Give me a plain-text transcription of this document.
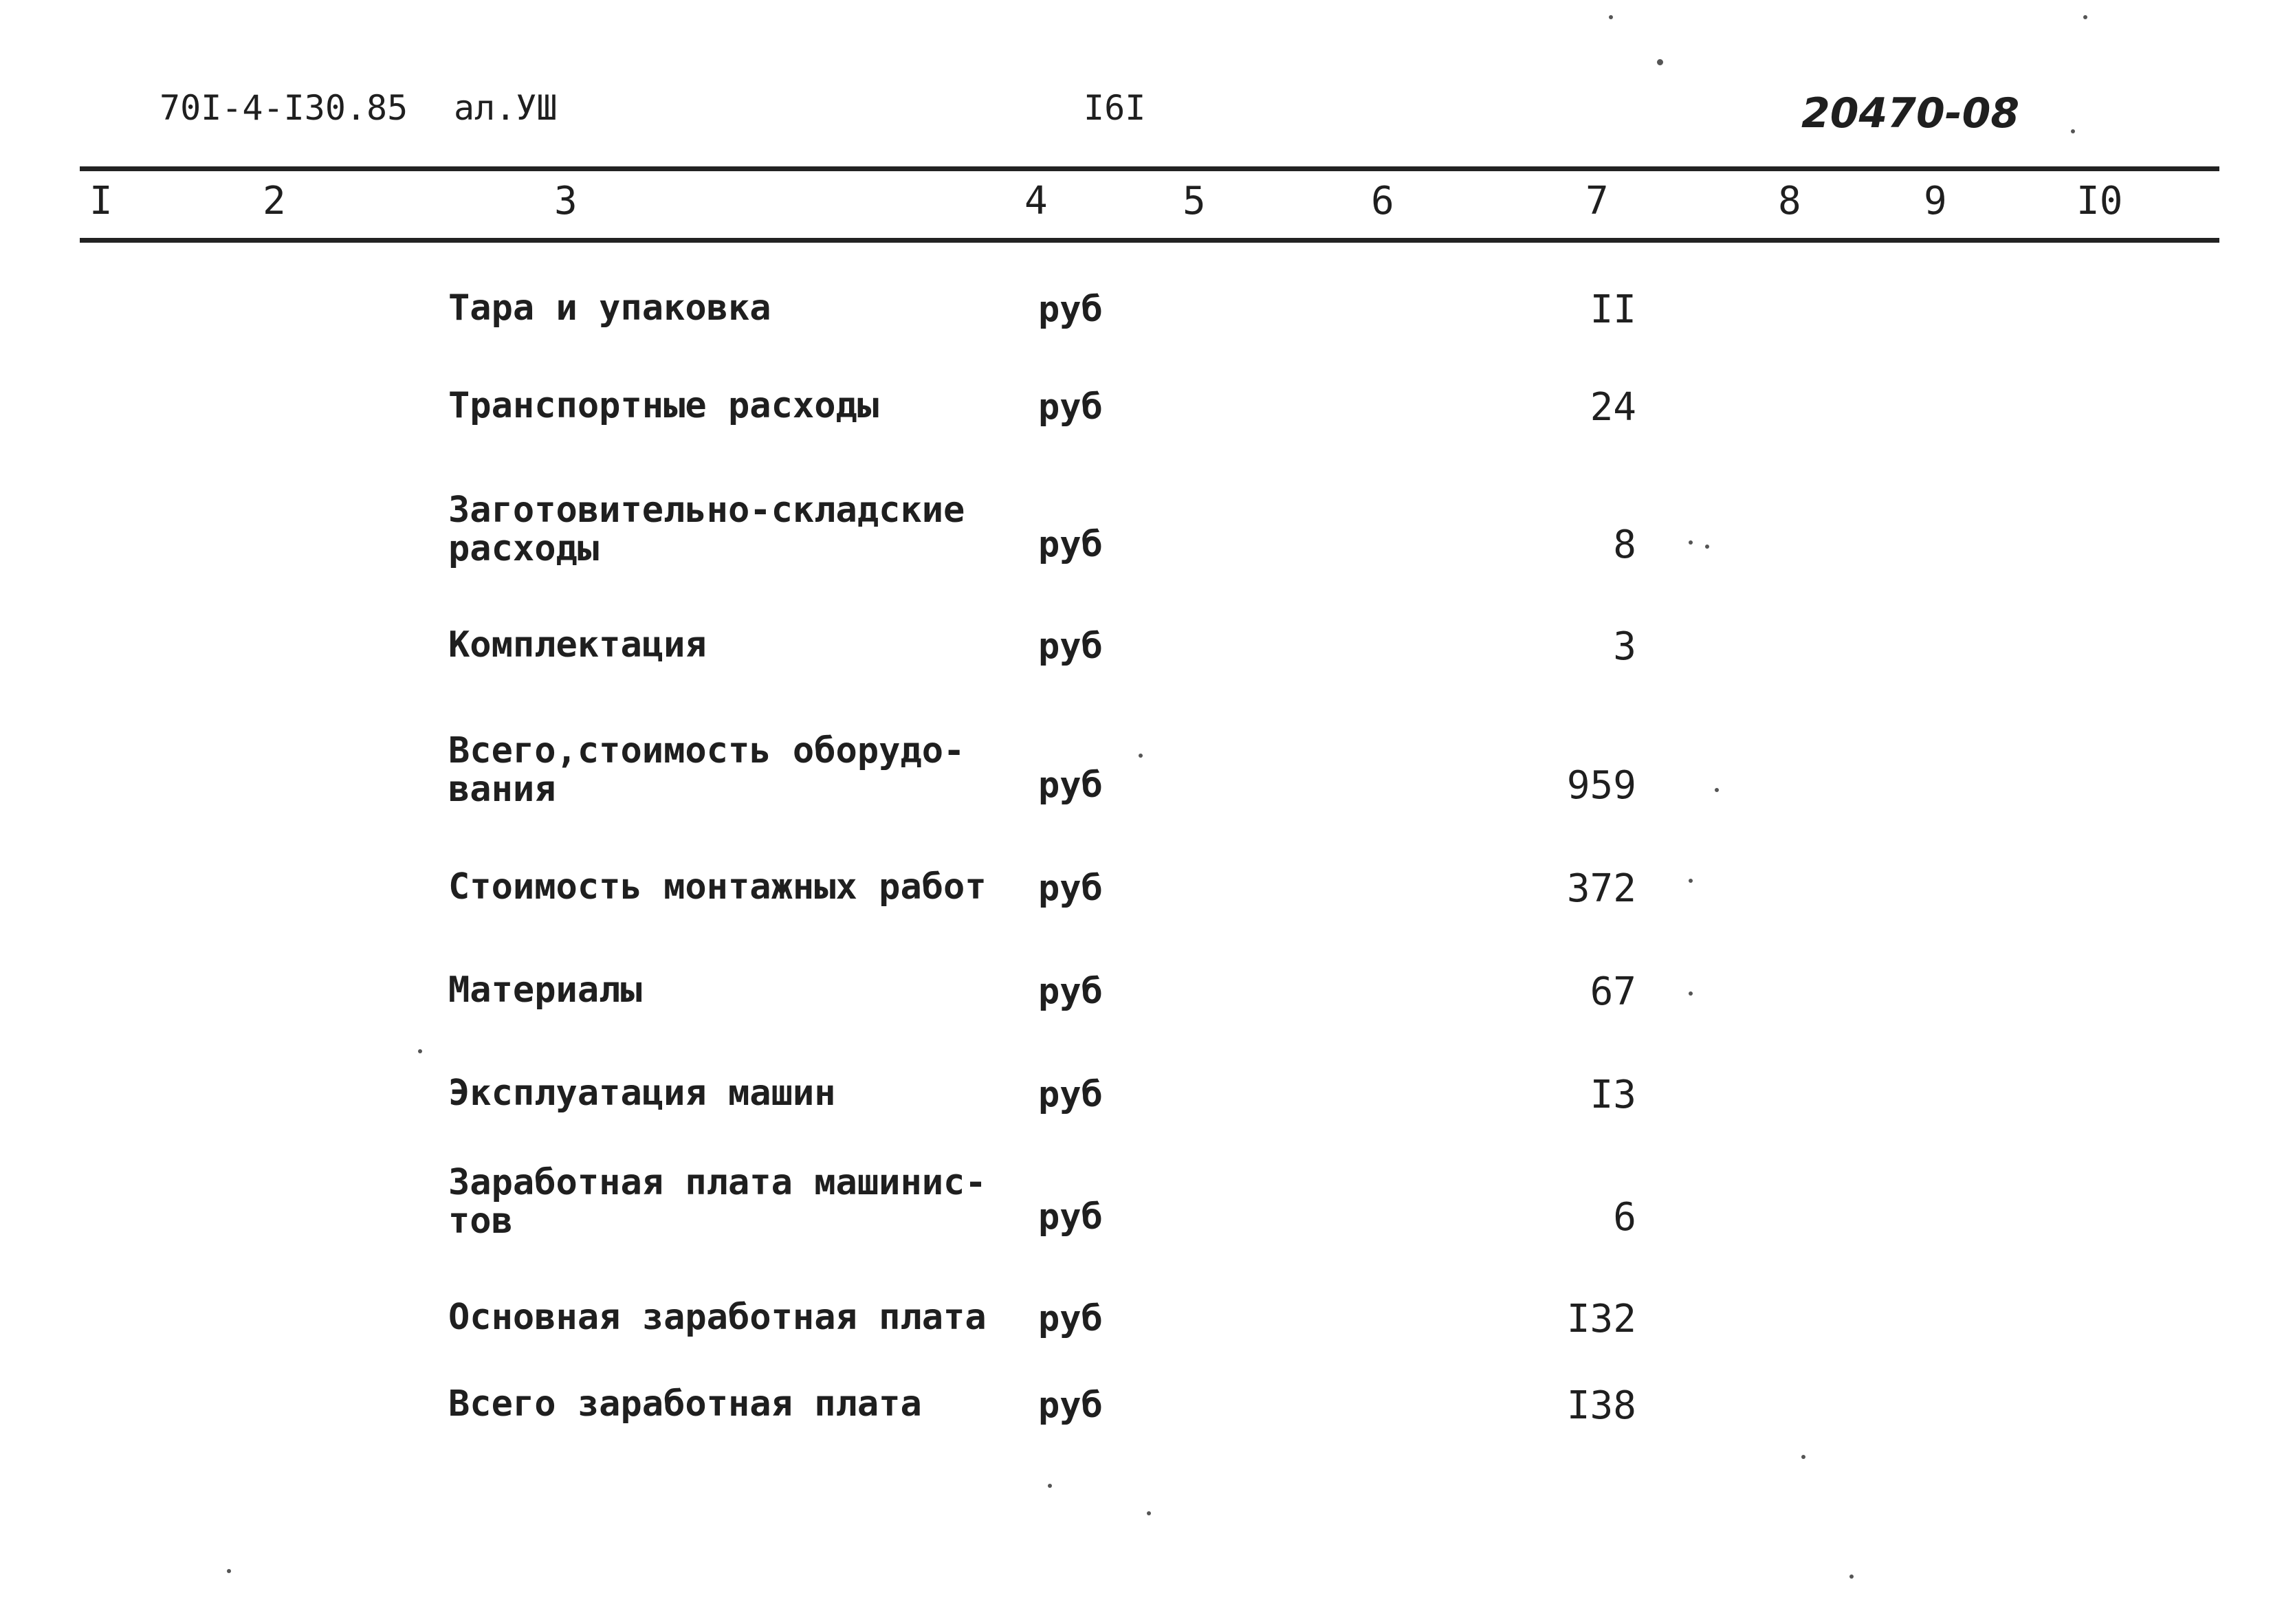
70I-4-I30.85 ал.УШ	I6I	20470-08
I	2	3	4	5	6	7	8	9	I0
Тара и упаковка	руб	II
Транспортные расходы	руб	24
Заготовительно-складские
расходы	руб	8
Комплектация	руб	3
Всего,стоимость оборудо-
вания	руб	959
Стоимость монтажных работ руб	372
Материалы	руб	67
Эксплуатация машин	руб	I3
Заработная плата машинис-
тов	руб	6
Основная заработная плата руб	I32
Всего заработная плата	руб	I38
